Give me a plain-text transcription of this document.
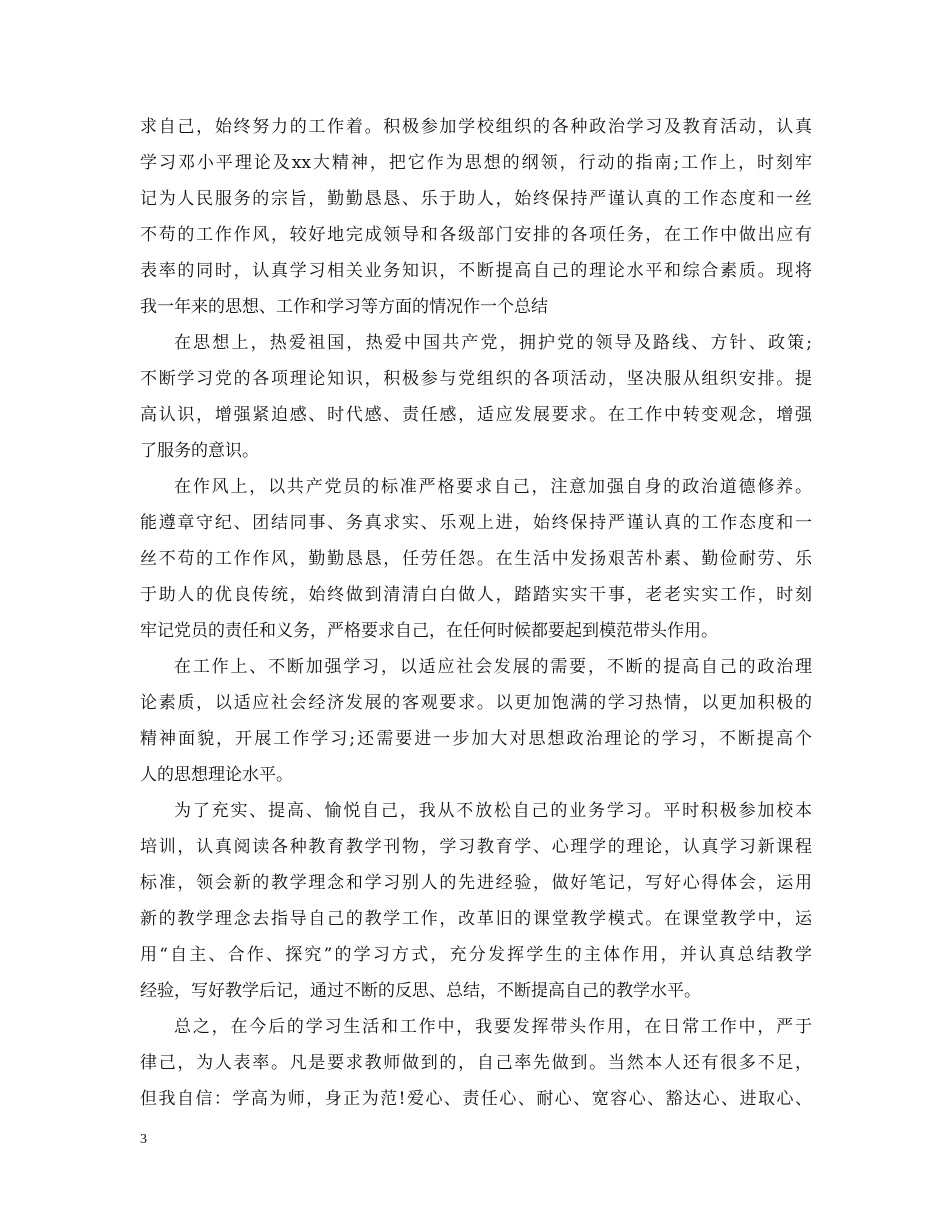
求自己，始终努力的工作着。积极参加学校组织的各种政治学习及教育活动，认真
学习邓小平理论及xx大精神，把它作为思想的纲领，行动的指南;工作上，时刻牢
记为人民服务的宗旨，勤勤恳恳、乐于助人，始终保持严谨认真的工作态度和一丝
不苟的工作作风，较好地完成领导和各级部门安排的各项任务，在工作中做出应有
表率的同时，认真学习相关业务知识，不断提高自己的理论水平和综合素质。现将
我一年来的思想、工作和学习等方面的情况作一个总结
在思想上，热爱祖国，热爱中国共产党，拥护党的领导及路线、方针、政策;
不断学习党的各项理论知识，积极参与党组织的各项活动，坚决服从组织安排。提
高认识，增强紧迫感、时代感、责任感，适应发展要求。在工作中转变观念，增强
了服务的意识。
在作风上，以共产党员的标准严格要求自己，注意加强自身的政治道德修养。
能遵章守纪、团结同事、务真求实、乐观上进，始终保持严谨认真的工作态度和一
丝不苟的工作作风，勤勤恳恳，任劳任怨。在生活中发扬艰苦朴素、勤俭耐劳、乐
于助人的优良传统，始终做到清清白白做人，踏踏实实干事，老老实实工作，时刻
牢记党员的责任和义务，严格要求自己，在任何时候都要起到模范带头作用。
在工作上、不断加强学习，以适应社会发展的需要，不断的提高自己的政治理
论素质，以适应社会经济发展的客观要求。以更加饱满的学习热情，以更加积极的
精神面貌，开展工作学习;还需要进一步加大对思想政治理论的学习，不断提高个
人的思想理论水平。
为了充实、提高、愉悦自己，我从不放松自己的业务学习。平时积极参加校本
培训，认真阅读各种教育教学刊物，学习教育学、心理学的理论，认真学习新课程
标准，领会新的教学理念和学习别人的先进经验，做好笔记，写好心得体会，运用
新的教学理念去指导自己的教学工作，改革旧的课堂教学模式。在课堂教学中，运
用“自主、合作、探究”的学习方式，充分发挥学生的主体作用，并认真总结教学
经验，写好教学后记，通过不断的反思、总结，不断提高自己的教学水平。
总之，在今后的学习生活和工作中，我要发挥带头作用，在日常工作中，严于
律己，为人表率。凡是要求教师做到的，自己率先做到。当然本人还有很多不足，
但我自信：学高为师，身正为范!爱心、责任心、耐心、宽容心、豁达心、进取心、
3
